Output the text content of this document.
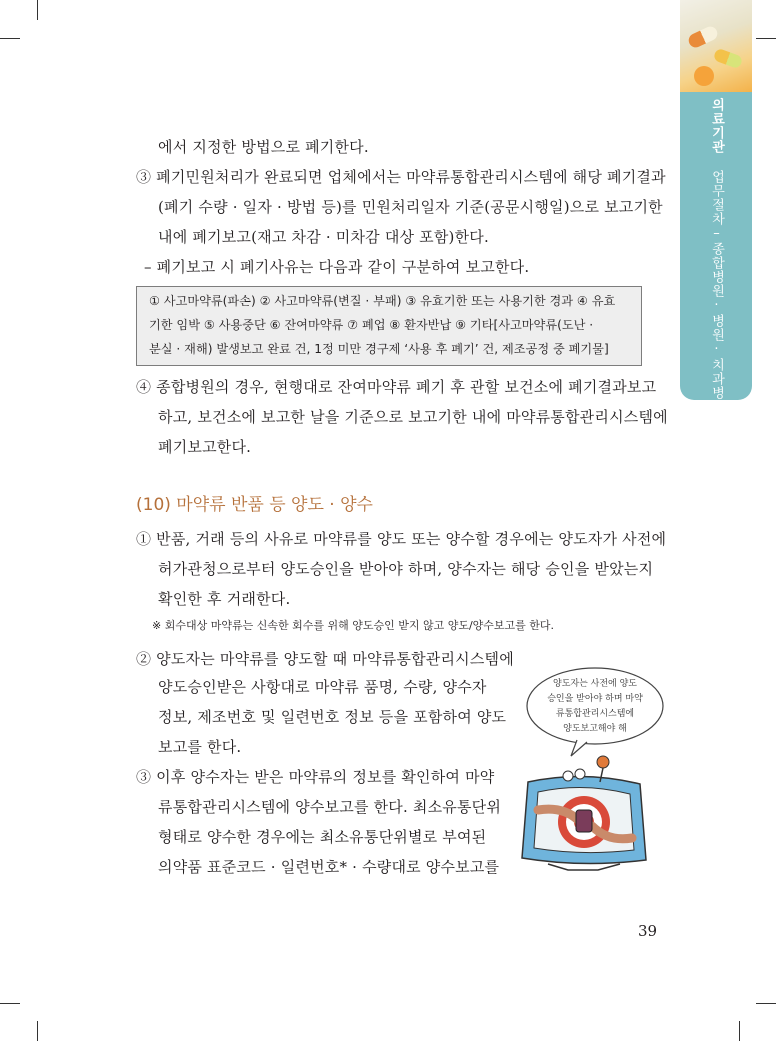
의료기관 업무절차–종합병원·병원·치과병원
에서 지정한 방법으로 폐기한다.
③ 폐기민원처리가 완료되면 업체에서는 마약류통합관리시스템에 해당 폐기결과
(폐기 수량 · 일자 · 방법 등)를 민원처리일자 기준(공문시행일)으로 보고기한
내에 폐기보고(재고 차감 · 미차감 대상 포함)한다.
– 폐기보고 시 폐기사유는 다음과 같이 구분하여 보고한다.
① 사고마약류(파손) ② 사고마약류(변질 · 부패) ③ 유효기한 또는 사용기한 경과 ④ 유효
기한 임박 ⑤ 사용중단 ⑥ 잔여마약류 ⑦ 폐업 ⑧ 환자반납 ⑨ 기타[사고마약류(도난 ·
분실 · 재해) 발생보고 완료 건, 1정 미만 경구제 ‘사용 후 폐기’ 건, 제조공정 중 폐기물]
④ 종합병원의 경우, 현행대로 잔여마약류 폐기 후 관할 보건소에 폐기결과보고
하고, 보건소에 보고한 날을 기준으로 보고기한 내에 마약류통합관리시스템에
폐기보고한다.
(10) 마약류 반품 등 양도 · 양수
① 반품, 거래 등의 사유로 마약류를 양도 또는 양수할 경우에는 양도자가 사전에
허가관청으로부터 양도승인을 받아야 하며, 양수자는 해당 승인을 받았는지
확인한 후 거래한다.
※ 회수대상 마약류는 신속한 회수를 위해 양도승인 받지 않고 양도/양수보고를 한다.
② 양도자는 마약류를 양도할 때 마약류통합관리시스템에
양도승인받은 사항대로 마약류 품명, 수량, 양수자
정보, 제조번호 및 일련번호 정보 등을 포함하여 양도
보고를 한다.
③ 이후 양수자는 받은 마약류의 정보를 확인하여 마약
류통합관리시스템에 양수보고를 한다. 최소유통단위
형태로 양수한 경우에는 최소유통단위별로 부여된
의약품 표준코드 · 일련번호* · 수량대로 양수보고를
양도자는 사전에 양도
승인을 받아야 하며 마약
류통합관리시스템에
양도보고해야 해
39
